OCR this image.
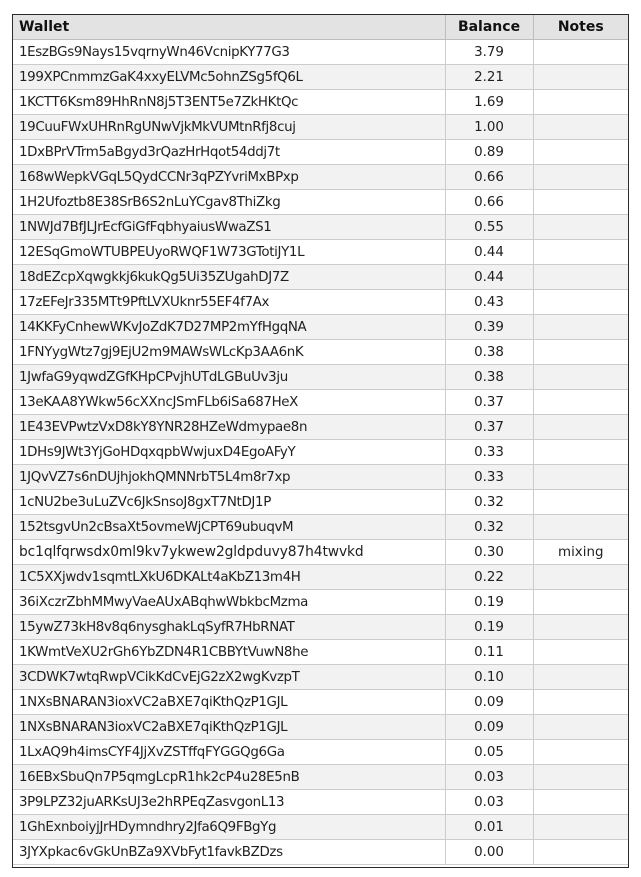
Wallet	Balance	Notes
1EszBGs9Nays15vqrnyWn46VcnipKY77G3	3.79	
199XPCnmmzGaK4xxyELVMc5ohnZSg5fQ6L	2.21	
1KCTT6Ksm89HhRnN8j5T3ENT5e7ZkHKtQc	1.69	
19CuuFWxUHRnRgUNwVjkMkVUMtnRfj8cuj	1.00	
1DxBPrVTrm5aBgyd3rQazHrHqot54ddj7t	0.89	
168wWepkVGqL5QydCCNr3qPZYvriMxBPxp	0.66	
1H2Ufoztb8E38SrB6S2nLuYCgav8ThiZkg	0.66	
1NWJd7BfJLJrEcfGiGfFqbhyaiusWwaZS1	0.55	
12ESqGmoWTUBPEUyoRWQF1W73GTotiJY1L	0.44	
18dEZcpXqwgkkj6kukQg5Ui35ZUgahDJ7Z	0.44	
17zEFeJr335MTt9PftLVXUknr55EF4f7Ax	0.43	
14KKFyCnhewWKvJoZdK7D27MP2mYfHgqNA	0.39	
1FNYygWtz7gj9EjU2m9MAWsWLcKp3AA6nK	0.38	
1JwfaG9yqwdZGfKHpCPvjhUTdLGBuUv3ju	0.38	
13eKAA8YWkw56cXXncJSmFLb6iSa687HeX	0.37	
1E43EVPwtzVxD8kY8YNR28HZeWdmypae8n	0.37	
1DHs9JWt3YjGoHDqxqpbWwjuxD4EgoAFyY	0.33	
1JQvVZ7s6nDUjhjokhQMNNrbT5L4m8r7xp	0.33	
1cNU2be3uLuZVc6JkSnsoJ8gxT7NtDJ1P	0.32	
152tsgvUn2cBsaXt5ovmeWjCPT69ubuqvM	0.32	
bc1qlfqrwsdx0ml9kv7ykwew2gldpduvy87h4twvkd	0.30	mixing
1C5XXjwdv1sqmtLXkU6DKALt4aKbZ13m4H	0.22	
36iXczrZbhMMwyVaeAUxABqhwWbkbcMzma	0.19	
15ywZ73kH8v8q6nysghakLqSyfR7HbRNAT	0.19	
1KWmtVeXU2rGh6YbZDN4R1CBBYtVuwN8he	0.11	
3CDWK7wtqRwpVCikKdCvEjG2zX2wgKvzpT	0.10	
1NXsBNARAN3ioxVC2aBXE7qiKthQzP1GJL	0.09	
1NXsBNARAN3ioxVC2aBXE7qiKthQzP1GJL	0.09	
1LxAQ9h4imsCYF4JjXvZSTffqFYGGQg6Ga	0.05	
16EBxSbuQn7P5qmgLcpR1hk2cP4u28E5nB	0.03	
3P9LPZ32juARKsUJ3e2hRPEqZasvgonL13	0.03	
1GhExnboiyjJrHDymndhry2Jfa6Q9FBgYg	0.01	
3JYXpkac6vGkUnBZa9XVbFyt1favkBZDzs	0.00	
